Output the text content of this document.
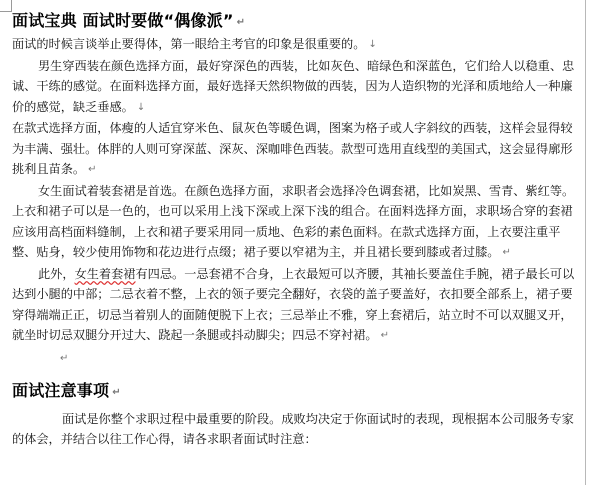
面试宝典 面试时要做“偶像派” ↵

面试的时候言谈举止要得体，第一眼给主考官的印象是很重要的。 ↓

男生穿西装在颜色选择方面，最好穿深色的西装，比如灰色、暗绿色和深蓝色，它们给人以稳重、忠诚、干练的感觉。在面料选择方面，最好选择天然织物做的西装，因为人造织物的光泽和质地给人一种廉价的感觉，缺乏垂感。 ↓

在款式选择方面，体瘦的人适宜穿米色、鼠灰色等暖色调，图案为格子或人字斜纹的西装，这样会显得较为丰满、强壮。体胖的人则可穿深蓝、深灰、深咖啡色西装。款型可选用直线型的美国式，这会显得廓形挑利且苗条。 ↵

女生面试着装套裙是首选。在颜色选择方面，求职者会选择冷色调套裙，比如炭黑、雪青、紫红等。上衣和裙子可以是一色的，也可以采用上浅下深或上深下浅的组合。在面料选择方面，求职场合穿的套裙应该用高档面料缝制，上衣和裙子要采用同一质地、色彩的素色面料。在款式选择方面，上衣要注重平整、贴身，较少使用饰物和花边进行点缀；裙子要以窄裙为主，并且裙长要到膝或者过膝。 ↵

此外，女生着套裙有四忌。一忌套裙不合身，上衣最短可以齐腰，其袖长要盖住手腕，裙子最长可以达到小腿的中部；二忌衣着不整，上衣的领子要完全翻好，衣袋的盖子要盖好，衣扣要全部系上，裙子要穿得端端正正，切忌当着别人的面随便脱下上衣；三忌举止不雅，穿上套裙后，站立时不可以双腿叉开，就坐时切忌双腿分开过大、跷起一条腿或抖动脚尖；四忌不穿衬裙。 ↵

↵
面试注意事项 ↵

面试是你整个求职过程中最重要的阶段。成败均决定于你面试时的表现，现根据本公司服务专家的体会，并结合以往工作心得，请各求职者面试时注意：
